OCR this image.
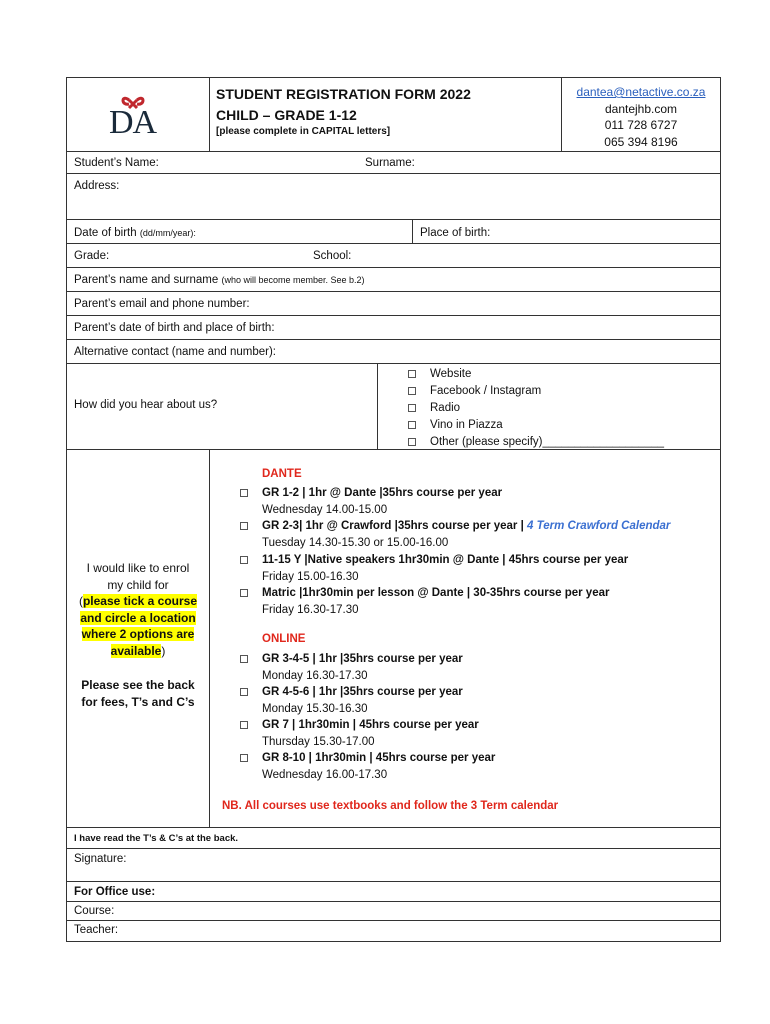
DA
STUDENT REGISTRATION FORM 2022
CHILD – GRADE 1-12
[please complete in CAPITAL letters]
dantea@netactive.co.za
dantejhb.com
011 728 6727
065 394 8196
Student’s Name:	Surname:
Address:
Date of birth (dd/mm/year):	Place of birth:
Grade:	School:
Parent’s name and surname (who will become member. See b.2)
Parent’s email and phone number:
Parent’s date of birth and place of birth:
Alternative contact (name and number):
How did you hear about us?
Website
Facebook / Instagram
Radio
Vino in Piazza
Other (please specify)___________________
I would like to enrol
my child for
(please tick a course
and circle a location
where 2 options are
available)
Please see the back
for fees, T’s and C’s
DANTE
GR 1-2 | 1hr @ Dante |35hrs course per year
Wednesday 14.00-15.00
GR 2-3| 1hr @ Crawford |35hrs course per year | 4 Term Crawford Calendar
Tuesday 14.30-15.30 or 15.00-16.00
11-15 Y |Native speakers 1hr30min @ Dante | 45hrs course per year
Friday 15.00-16.30
Matric |1hr30min per lesson @ Dante | 30-35hrs course per year
Friday 16.30-17.30
ONLINE
GR 3-4-5 | 1hr |35hrs course per year
Monday 16.30-17.30
GR 4-5-6 | 1hr |35hrs course per year
Monday 15.30-16.30
GR 7 | 1hr30min | 45hrs course per year
Thursday 15.30-17.00
GR 8-10 | 1hr30min | 45hrs course per year
Wednesday 16.00-17.30
NB. All courses use textbooks and follow the 3 Term calendar
I have read the T’s & C’s at the back.
Signature:
For Office use:
Course:
Teacher:
